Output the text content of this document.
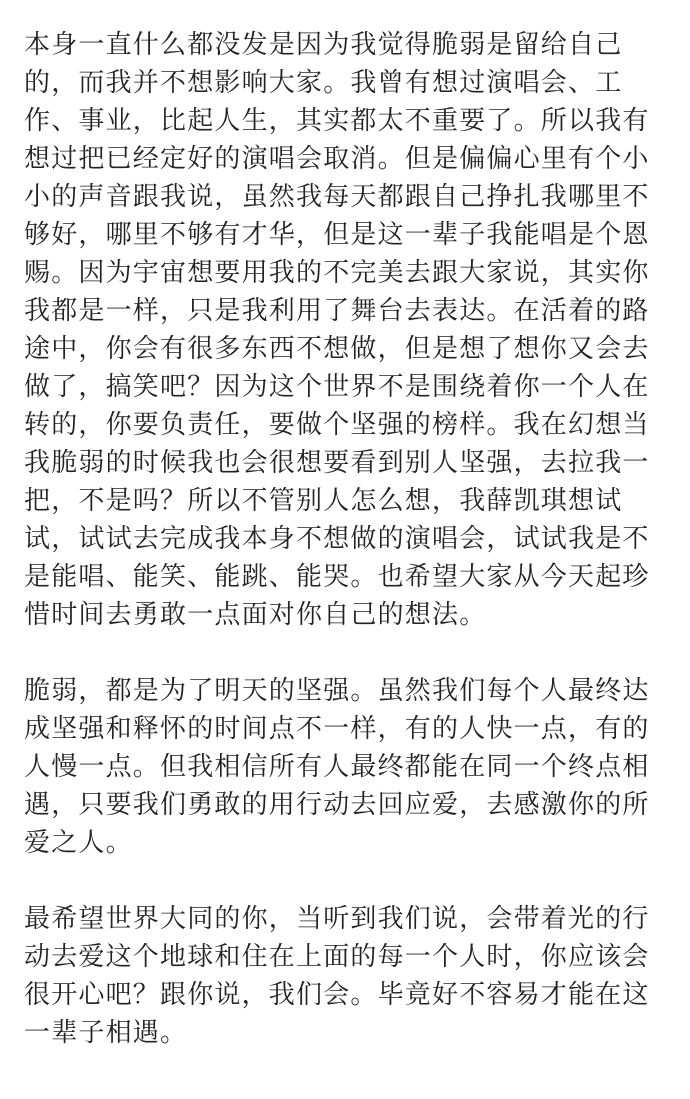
本身一直什么都没发是因为我觉得脆弱是留给自己
的，而我并不想影响大家。我曾有想过演唱会、工
作、事业，比起人生，其实都太不重要了。所以我有
想过把已经定好的演唱会取消。但是偏偏心里有个小
小的声音跟我说，虽然我每天都跟自己挣扎我哪里不
够好，哪里不够有才华，但是这一辈子我能唱是个恩
赐。因为宇宙想要用我的不完美去跟大家说，其实你
我都是一样，只是我利用了舞台去表达。在活着的路
途中，你会有很多东西不想做，但是想了想你又会去
做了，搞笑吧？因为这个世界不是围绕着你一个人在
转的，你要负责任，要做个坚强的榜样。我在幻想当
我脆弱的时候我也会很想要看到别人坚强，去拉我一
把，不是吗？所以不管别人怎么想，我薛凯琪想试
试，试试去完成我本身不想做的演唱会，试试我是不
是能唱、能笑、能跳、能哭。也希望大家从今天起珍
惜时间去勇敢一点面对你自己的想法。
脆弱，都是为了明天的坚强。虽然我们每个人最终达
成坚强和释怀的时间点不一样，有的人快一点，有的
人慢一点。但我相信所有人最终都能在同一个终点相
遇，只要我们勇敢的用行动去回应爱，去感激你的所
爱之人。
最希望世界大同的你，当听到我们说，会带着光的行
动去爱这个地球和住在上面的每一个人时，你应该会
很开心吧？跟你说，我们会。毕竟好不容易才能在这
一辈子相遇。
